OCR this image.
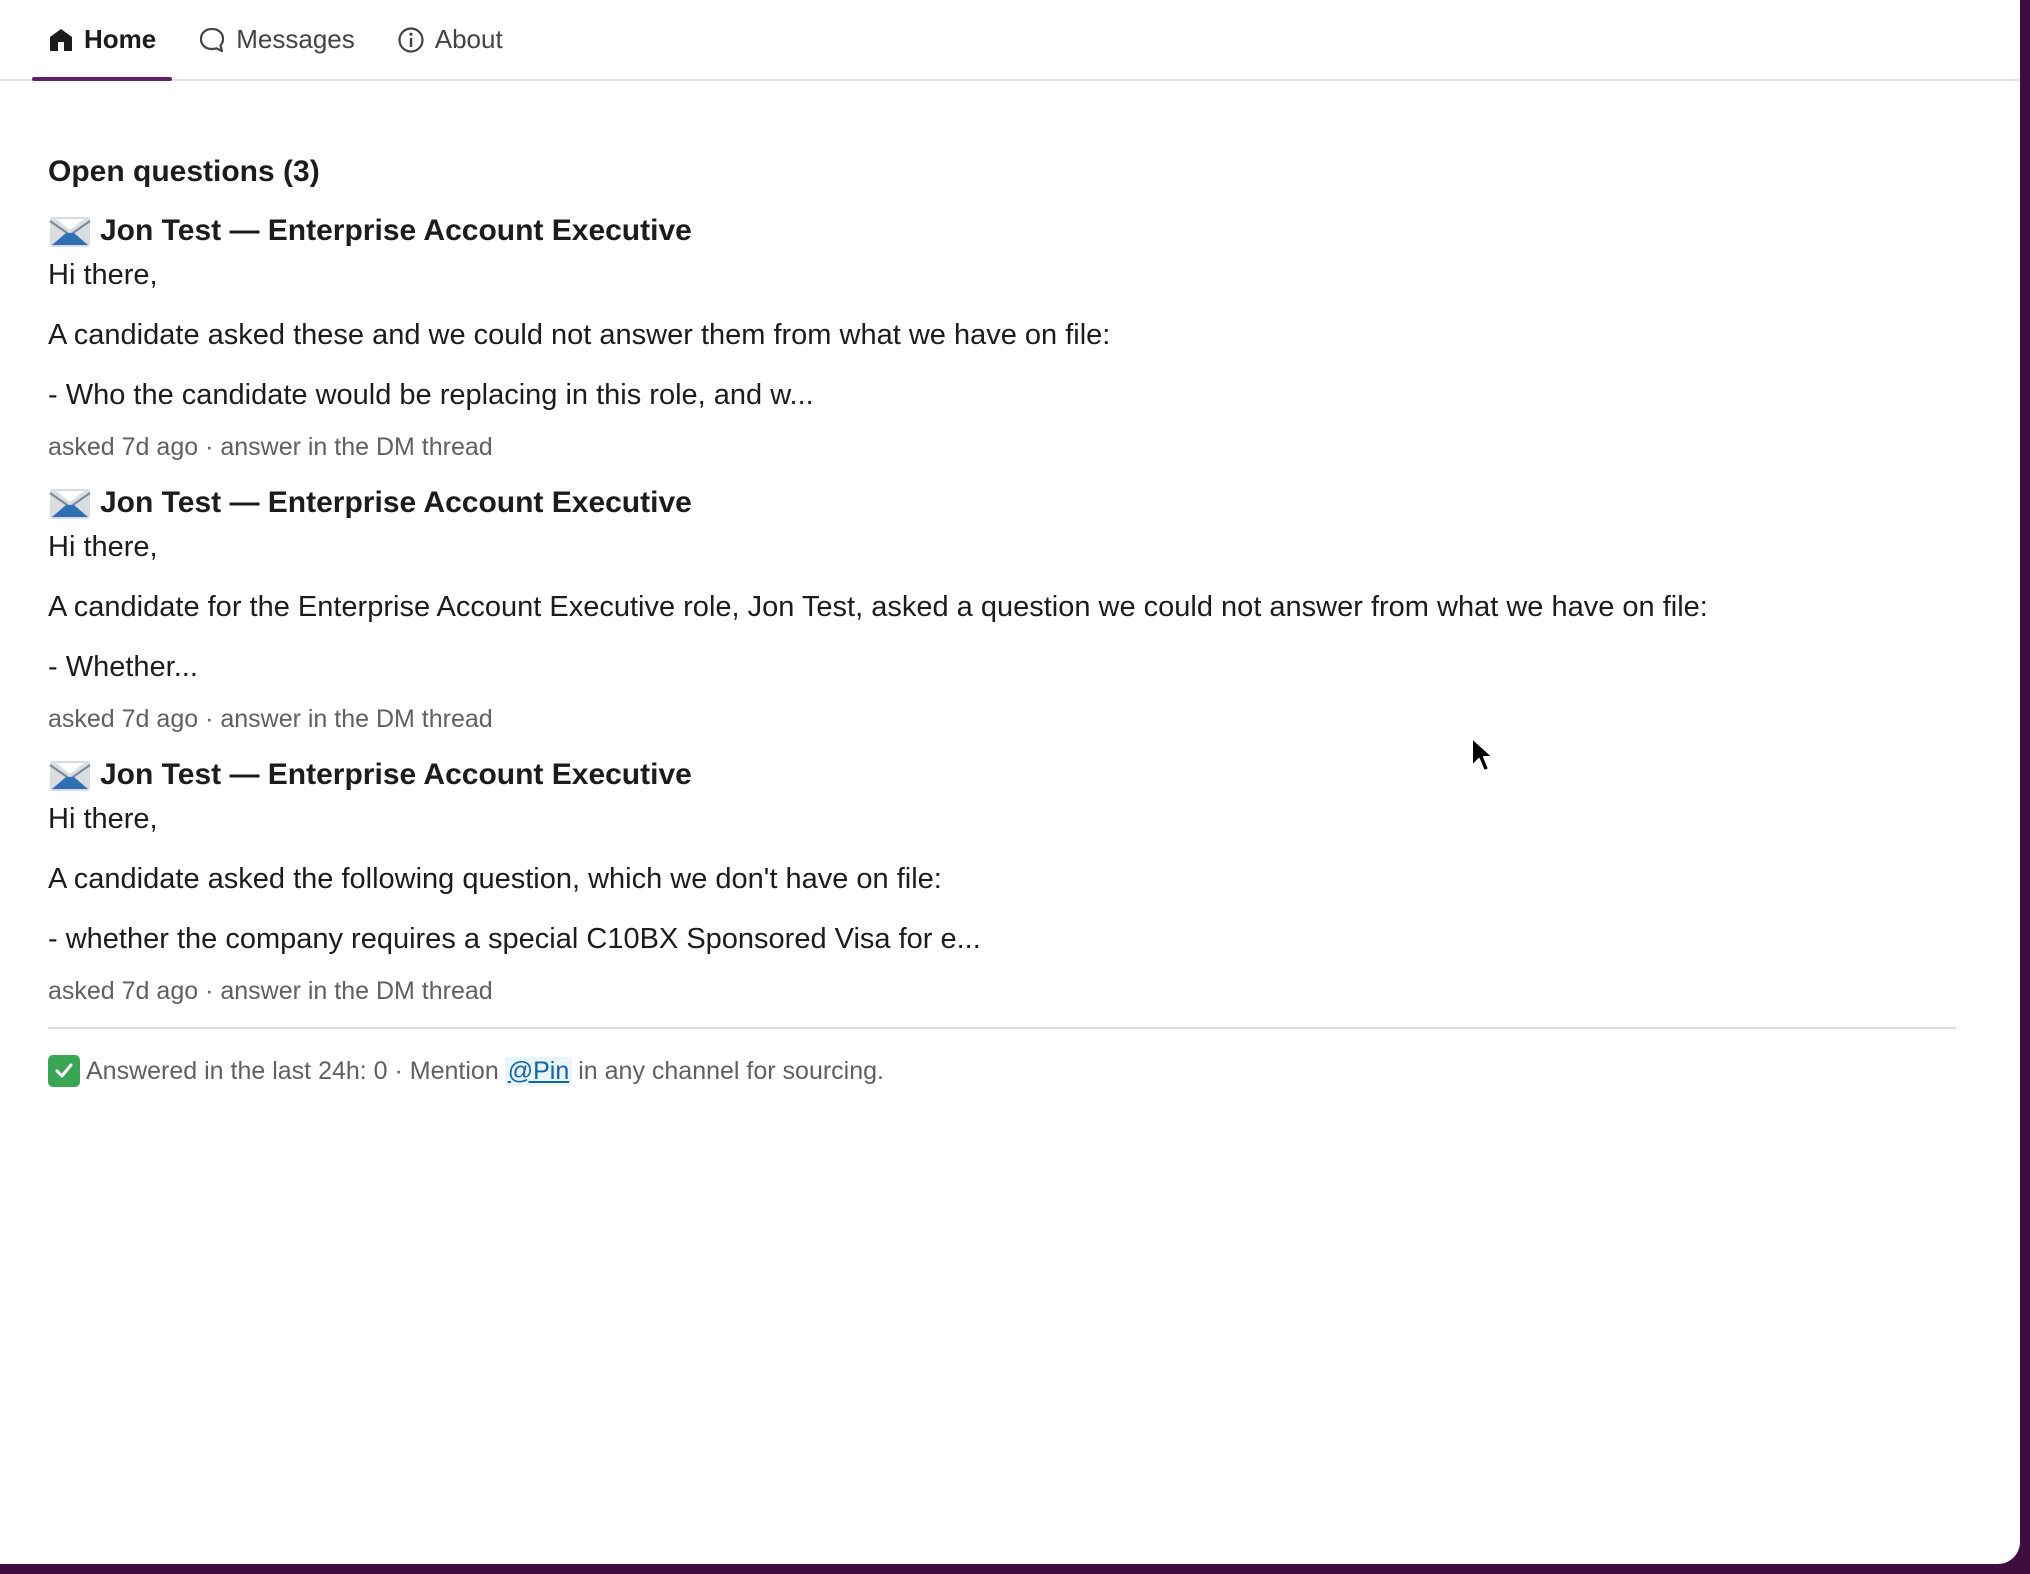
Home	Messages	About
Open questions (3)
Jon Test — Enterprise Account Executive
Hi there,
A candidate asked these and we could not answer them from what we have on file:
- Who the candidate would be replacing in this role, and w...
asked 7d ago · answer in the DM thread
Jon Test — Enterprise Account Executive
Hi there,
A candidate for the Enterprise Account Executive role, Jon Test, asked a question we could not answer from what we have on file:
- Whether...
asked 7d ago · answer in the DM thread
Jon Test — Enterprise Account Executive
Hi there,
A candidate asked the following question, which we don't have on file:
- whether the company requires a special C10BX Sponsored Visa for e...
asked 7d ago · answer in the DM thread
Answered in the last 24h: 0 · Mention @Pin in any channel for sourcing.
